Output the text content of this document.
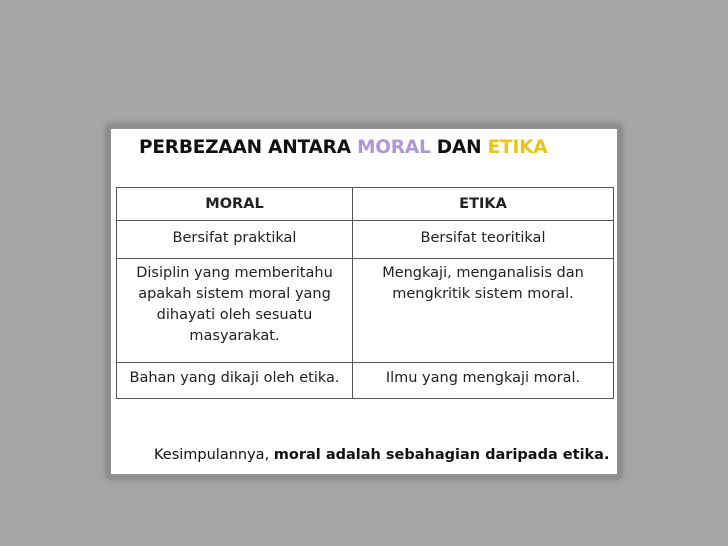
PERBEZAAN ANTARA MORAL DAN ETIKA
MORAL	ETIKA
Bersifat praktikal	Bersifat teoritikal
Disiplin yang memberitahu apakah sistem moral yang dihayati oleh sesuatu masyarakat.	Mengkaji, menganalisis dan mengkritik sistem moral.
Bahan yang dikaji oleh etika.	Ilmu yang mengkaji moral.
Kesimpulannya, moral adalah sebahagian daripada etika.
